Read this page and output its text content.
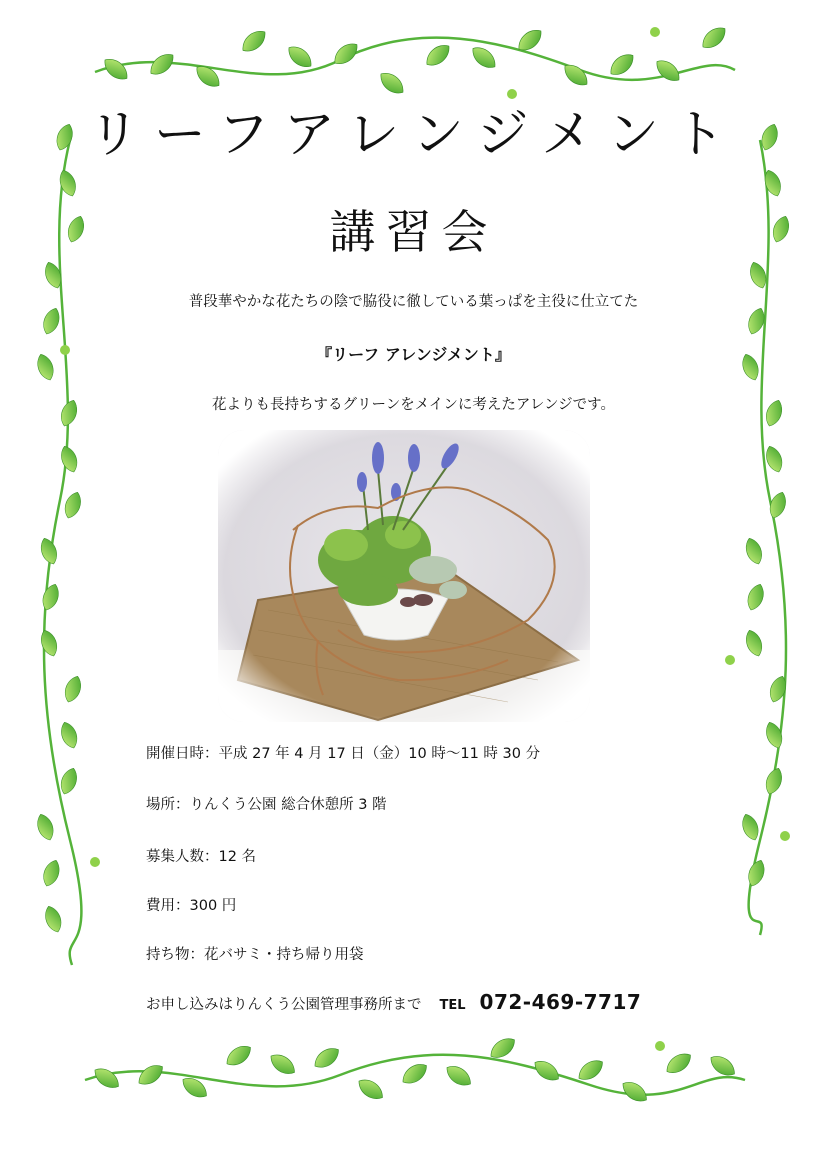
リーフアレンジメント
講習会
普段華やかな花たちの陰で脇役に徹している葉っぱを主役に仕立てた
『リーフ アレンジメント』
花よりも長持ちするグリーンをメインに考えたアレンジです。
開催日時：平成 27 年 4 月 17 日（金）10 時～11 時 30 分
場所：りんくう公園 総合休憩所 3 階
募集人数：12 名
費用：300 円
持ち物：花バサミ・持ち帰り用袋
お申し込みはりんくう公園管理事務所まで TEL 072-469-7717
